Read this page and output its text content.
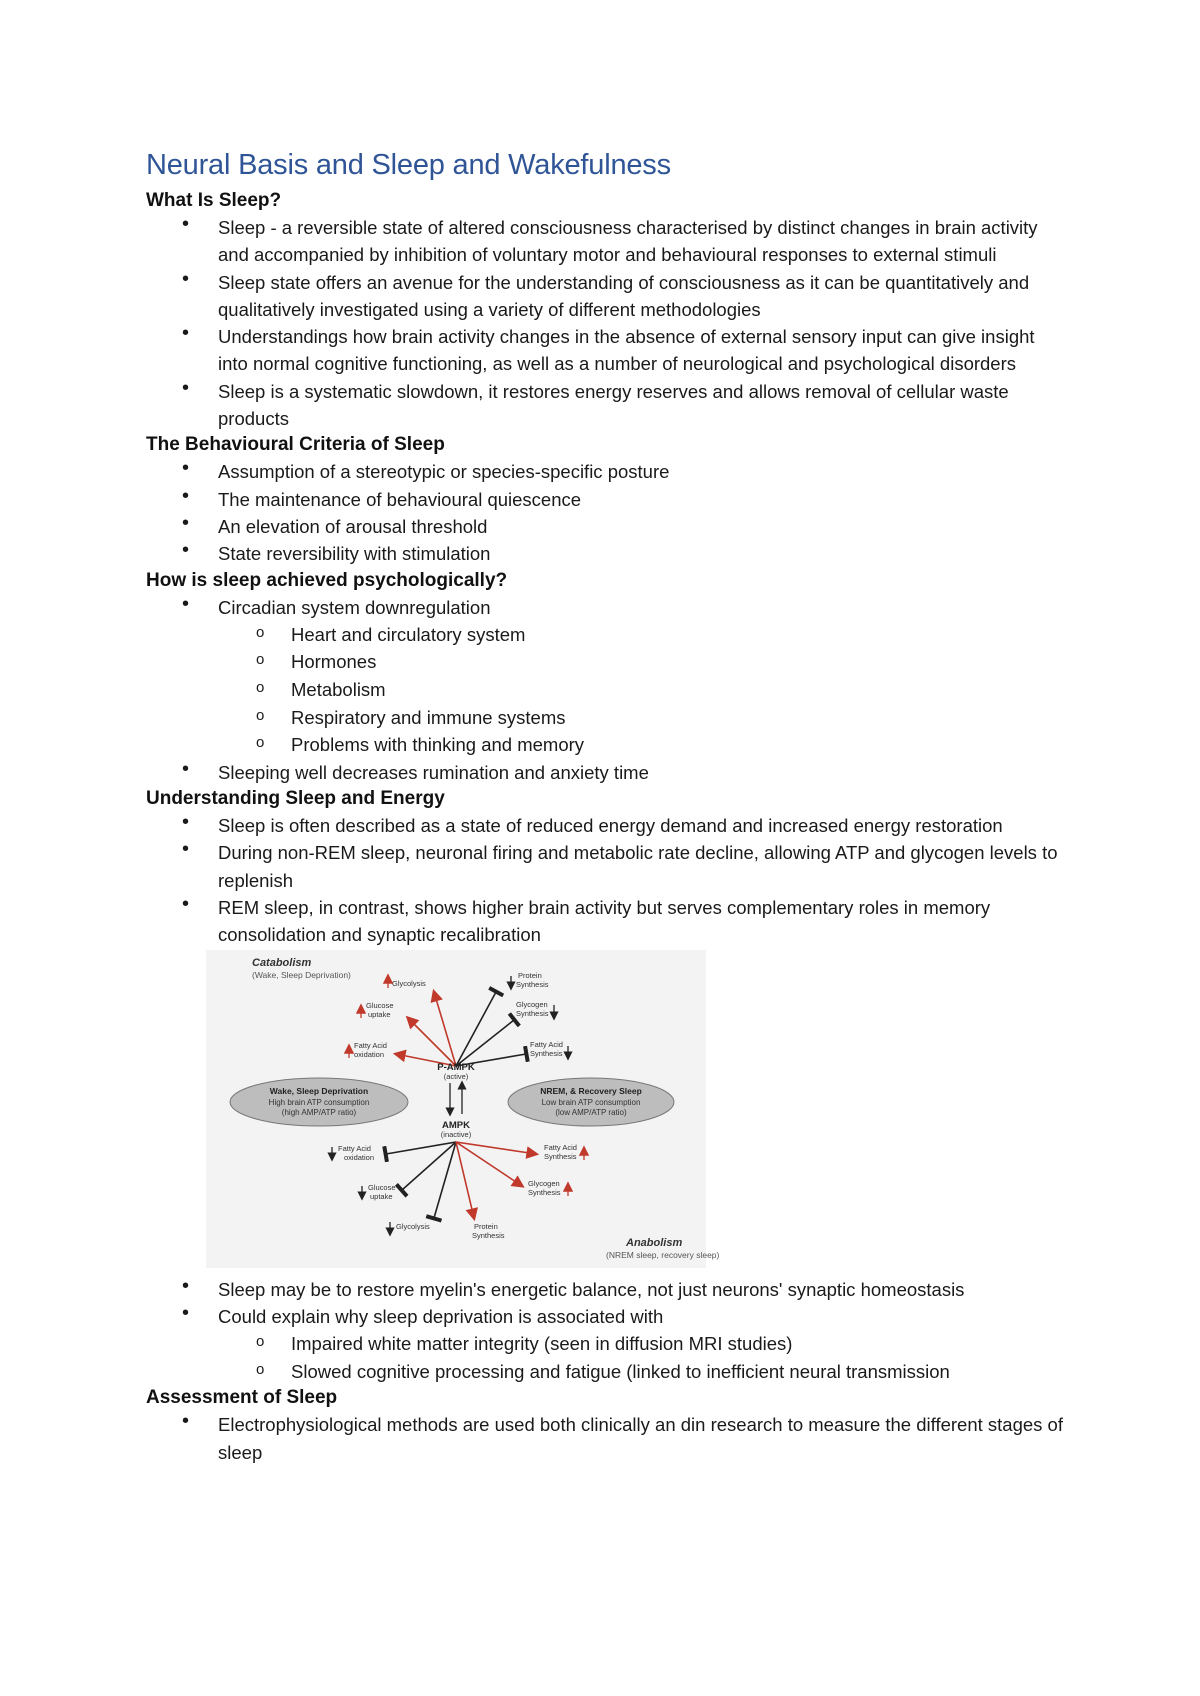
Neural Basis and Sleep and Wakefulness
What Is Sleep?
• Sleep - a reversible state of altered consciousness characterised by distinct changes in brain activity and accompanied by inhibition of voluntary motor and behavioural responses to external stimuli
• Sleep state offers an avenue for the understanding of consciousness as it can be quantitatively and qualitatively investigated using a variety of different methodologies
• Understandings how brain activity changes in the absence of external sensory input can give insight into normal cognitive functioning, as well as a number of neurological and psychological disorders
• Sleep is a systematic slowdown, it restores energy reserves and allows removal of cellular waste products
The Behavioural Criteria of Sleep
• Assumption of a stereotypic or species-specific posture
• The maintenance of behavioural quiescence
• An elevation of arousal threshold
• State reversibility with stimulation
How is sleep achieved psychologically?
• Circadian system downregulation
o Heart and circulatory system
o Hormones
o Metabolism
o Respiratory and immune systems
o Problems with thinking and memory
• Sleeping well decreases rumination and anxiety time
Understanding Sleep and Energy
• Sleep is often described as a state of reduced energy demand and increased energy restoration
• During non-REM sleep, neuronal firing and metabolic rate decline, allowing ATP and glycogen levels to replenish
• REM sleep, in contrast, shows higher brain activity but serves complementary roles in memory consolidation and synaptic recalibration
Catabolism
(Wake, Sleep Deprivation)
Anabolism
(NREM sleep, recovery sleep)
Glycolysis
Protein
Synthesis
Glucose
uptake
Glycogen
Synthesis
Fatty Acid
oxidation
Fatty Acid
Synthesis
P-AMPK
(active)
Wake, Sleep Deprivation
High brain ATP consumption
(high AMP/ATP ratio)
NREM, & Recovery Sleep
Low brain ATP consumption
(low AMP/ATP ratio)
AMPK
(inactive)
Fatty Acid
oxidation
Fatty Acid
Synthesis
Glucose
uptake
Glycogen
Synthesis
Glycolysis	Protein
Synthesis
• Sleep may be to restore myelin's energetic balance, not just neurons' synaptic homeostasis
• Could explain why sleep deprivation is associated with
o Impaired white matter integrity (seen in diffusion MRI studies)
o Slowed cognitive processing and fatigue (linked to inefficient neural transmission
Assessment of Sleep
• Electrophysiological methods are used both clinically an din research to measure the different stages of sleep
